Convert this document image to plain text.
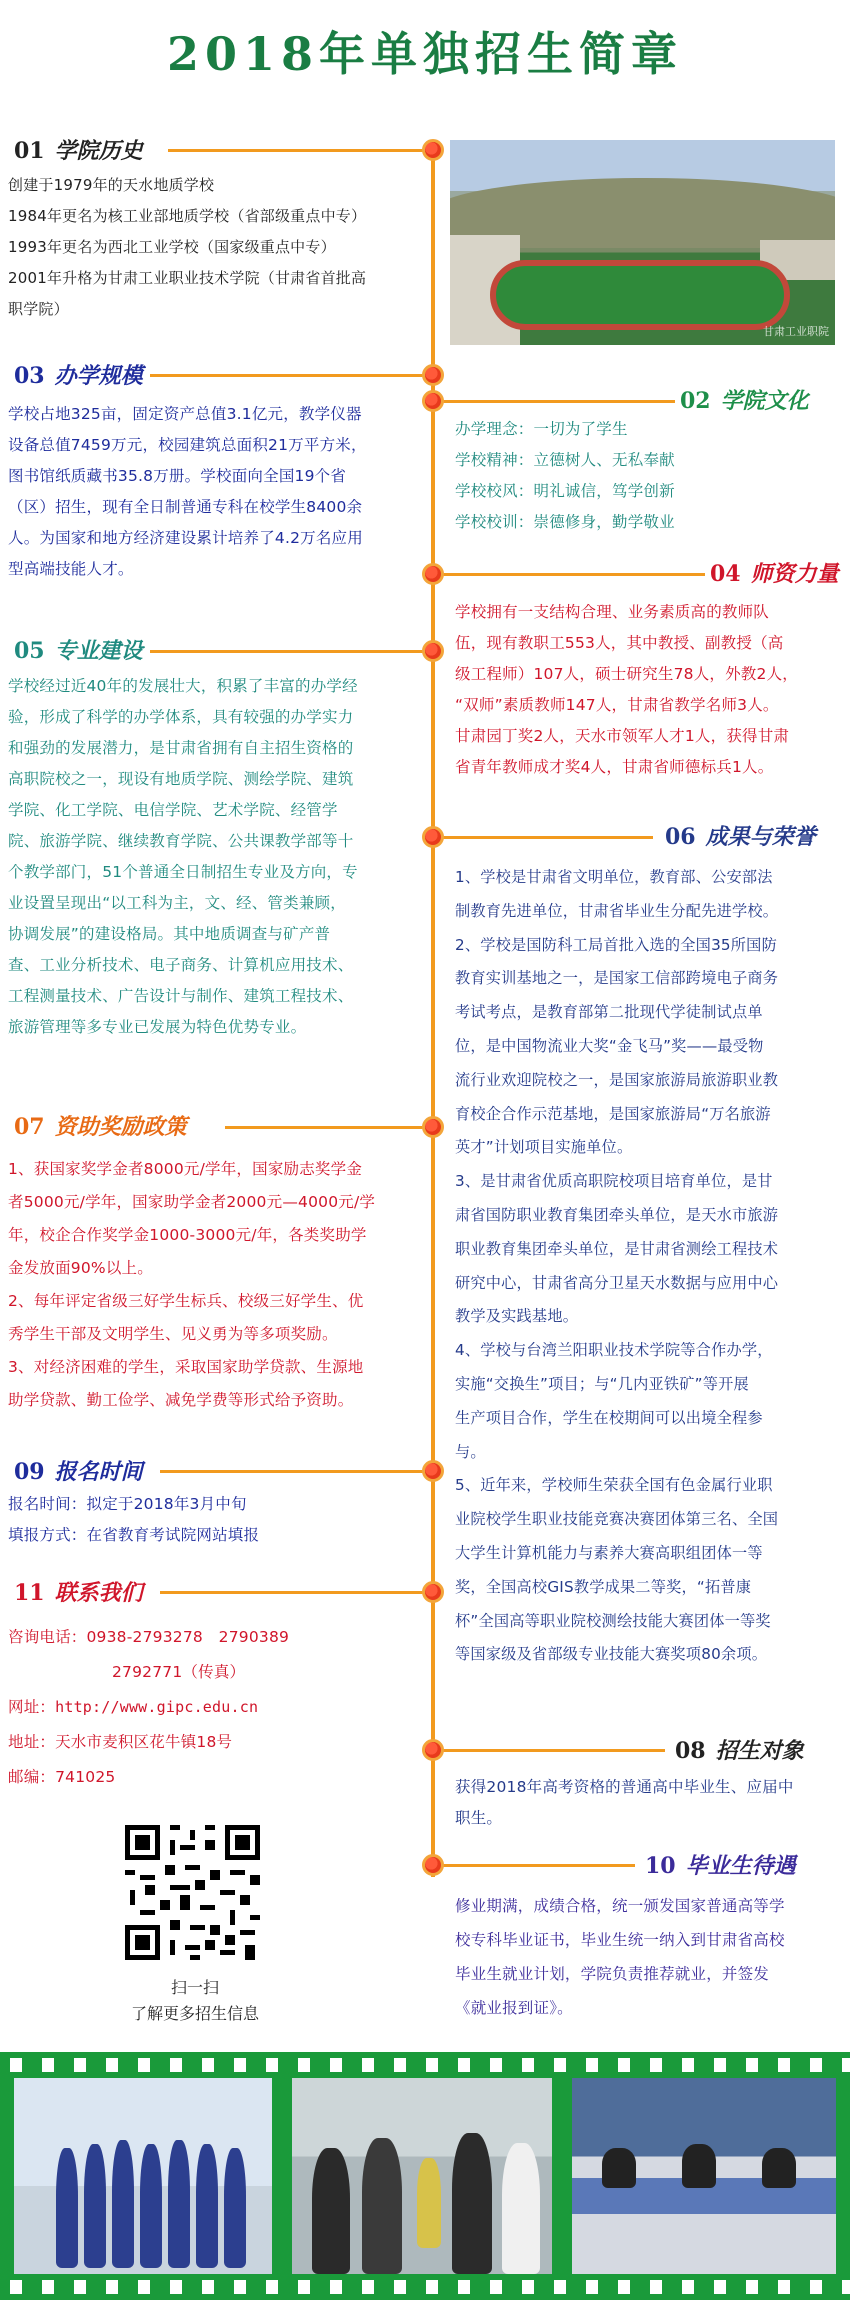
2018年单独招生简章
01 学院历史

创建于1979年的天水地质学校

1984年更名为核工业部地质学校（省部级重点中专）

1993年更名为西北工业学校（国家级重点中专）

2001年升格为甘肃工业职业技术学院（甘肃省首批高

职学院）

甘肃工业职院
03 办学规模

学校占地325亩，固定资产总值3.1亿元，教学仪器

设备总值7459万元，校园建筑总面积21万平方米，

图书馆纸质藏书35.8万册。学校面向全国19个省

（区）招生，现有全日制普通专科在校学生8400余

人。为国家和地方经济建设累计培养了4.2万名应用

型高端技能人才。

02 学院文化

办学理念：一切为了学生

学校精神：立德树人、无私奉献

学校校风：明礼诚信，笃学创新

学校校训：崇德修身，勤学敬业

04 师资力量

学校拥有一支结构合理、业务素质高的教师队

伍，现有教职工553人，其中教授、副教授（高

级工程师）107人，硕士研究生78人，外教2人，

“双师”素质教师147人，甘肃省教学名师3人。

甘肃园丁奖2人，天水市领军人才1人，获得甘肃

省青年教师成才奖4人，甘肃省师德标兵1人。

05 专业建设

学校经过近40年的发展壮大，积累了丰富的办学经

验，形成了科学的办学体系，具有较强的办学实力

和强劲的发展潜力，是甘肃省拥有自主招生资格的

高职院校之一，现设有地质学院、测绘学院、建筑

学院、化工学院、电信学院、艺术学院、经管学

院、旅游学院、继续教育学院、公共课教学部等十

个教学部门，51个普通全日制招生专业及方向，专

业设置呈现出“以工科为主，文、经、管类兼顾，

协调发展”的建设格局。其中地质调查与矿产普

查、工业分析技术、电子商务、计算机应用技术、

工程测量技术、广告设计与制作、建筑工程技术、

旅游管理等多专业已发展为特色优势专业。

06 成果与荣誉

1、学校是甘肃省文明单位，教育部、公安部法

制教育先进单位，甘肃省毕业生分配先进学校。

2、学校是国防科工局首批入选的全国35所国防

教育实训基地之一，是国家工信部跨境电子商务

考试考点，是教育部第二批现代学徒制试点单

位，是中国物流业大奖“金飞马”奖——最受物

流行业欢迎院校之一，是国家旅游局旅游职业教

育校企合作示范基地，是国家旅游局“万名旅游

英才”计划项目实施单位。

3、是甘肃省优质高职院校项目培育单位，是甘

肃省国防职业教育集团牵头单位，是天水市旅游

职业教育集团牵头单位，是甘肃省测绘工程技术

研究中心，甘肃省高分卫星天水数据与应用中心

教学及实践基地。

4、学校与台湾兰阳职业技术学院等合作办学，

实施“交换生”项目；与“几内亚铁矿”等开展

生产项目合作，学生在校期间可以出境全程参

与。

5、近年来，学校师生荣获全国有色金属行业职

业院校学生职业技能竞赛决赛团体第三名、全国

大学生计算机能力与素养大赛高职组团体一等

奖，全国高校GIS教学成果二等奖，“拓普康

杯”全国高等职业院校测绘技能大赛团体一等奖

等国家级及省部级专业技能大赛奖项80余项。

07 资助奖励政策

1、获国家奖学金者8000元/学年，国家励志奖学金

者5000元/学年，国家助学金者2000元—4000元/学

年，校企合作奖学金1000-3000元/年，各类奖助学

金发放面90%以上。

2、每年评定省级三好学生标兵、校级三好学生、优

秀学生干部及文明学生、见义勇为等多项奖励。

3、对经济困难的学生，采取国家助学贷款、生源地

助学贷款、勤工俭学、减免学费等形式给予资助。

09 报名时间

报名时间：拟定于2018年3月中旬

填报方式：在省教育考试院网站填报

11 联系我们

咨询电话：0938-2793278　2790389

2792771（传真）

网址：http://www.gipc.edu.cn

地址：天水市麦积区花牛镇18号

邮编：741025

08 招生对象

获得2018年高考资格的普通高中毕业生、应届中

职生。

10 毕业生待遇

修业期满，成绩合格，统一颁发国家普通高等学

校专科毕业证书，毕业生统一纳入到甘肃省高校

毕业生就业计划，学院负责推荐就业，并签发

《就业报到证》。

扫一扫
了解更多招生信息
